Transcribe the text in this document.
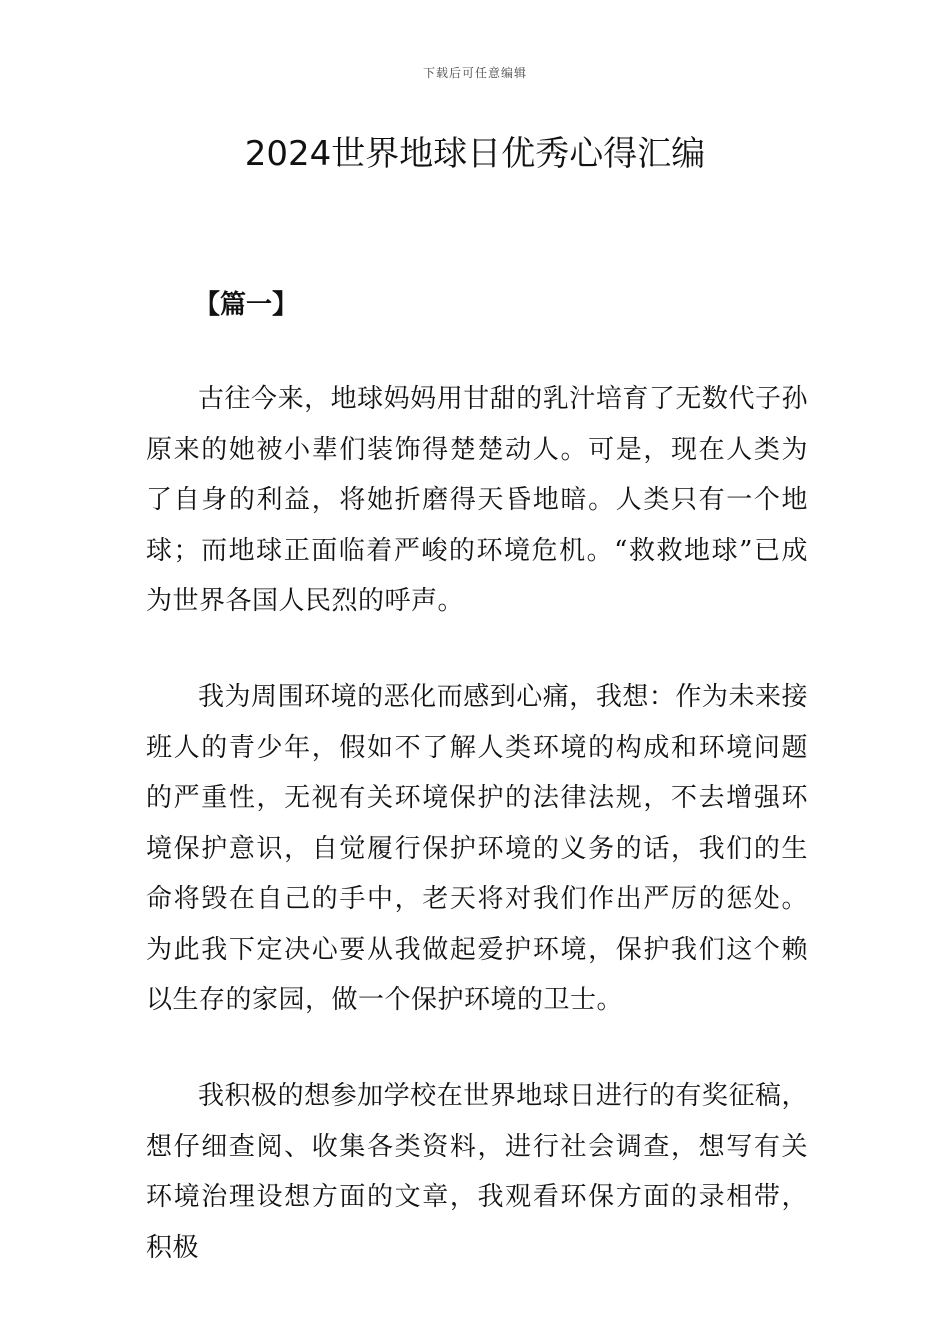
下载后可任意编辑
2024世界地球日优秀心得汇编

【篇一】

古往今来，地球妈妈用甘甜的乳汁培育了无数代子孙原来的她被小辈们装饰得楚楚动人。可是，现在人类为了自身的利益，将她折磨得天昏地暗。人类只有一个地球；而地球正面临着严峻的环境危机。“救救地球”已成为世界各国人民烈的呼声。

我为周围环境的恶化而感到心痛，我想：作为未来接班人的青少年，假如不了解人类环境的构成和环境问题的严重性，无视有关环境保护的法律法规，不去增强环境保护意识，自觉履行保护环境的义务的话，我们的生命将毁在自己的手中，老天将对我们作出严厉的惩处。为此我下定决心要从我做起爱护环境，保护我们这个赖以生存的家园，做一个保护环境的卫士。

我积极的想参加学校在世界地球日进行的有奖征稿，想仔细查阅、收集各类资料，进行社会调查，想写有关环境治理设想方面的文章，我观看环保方面的录相带，积极
